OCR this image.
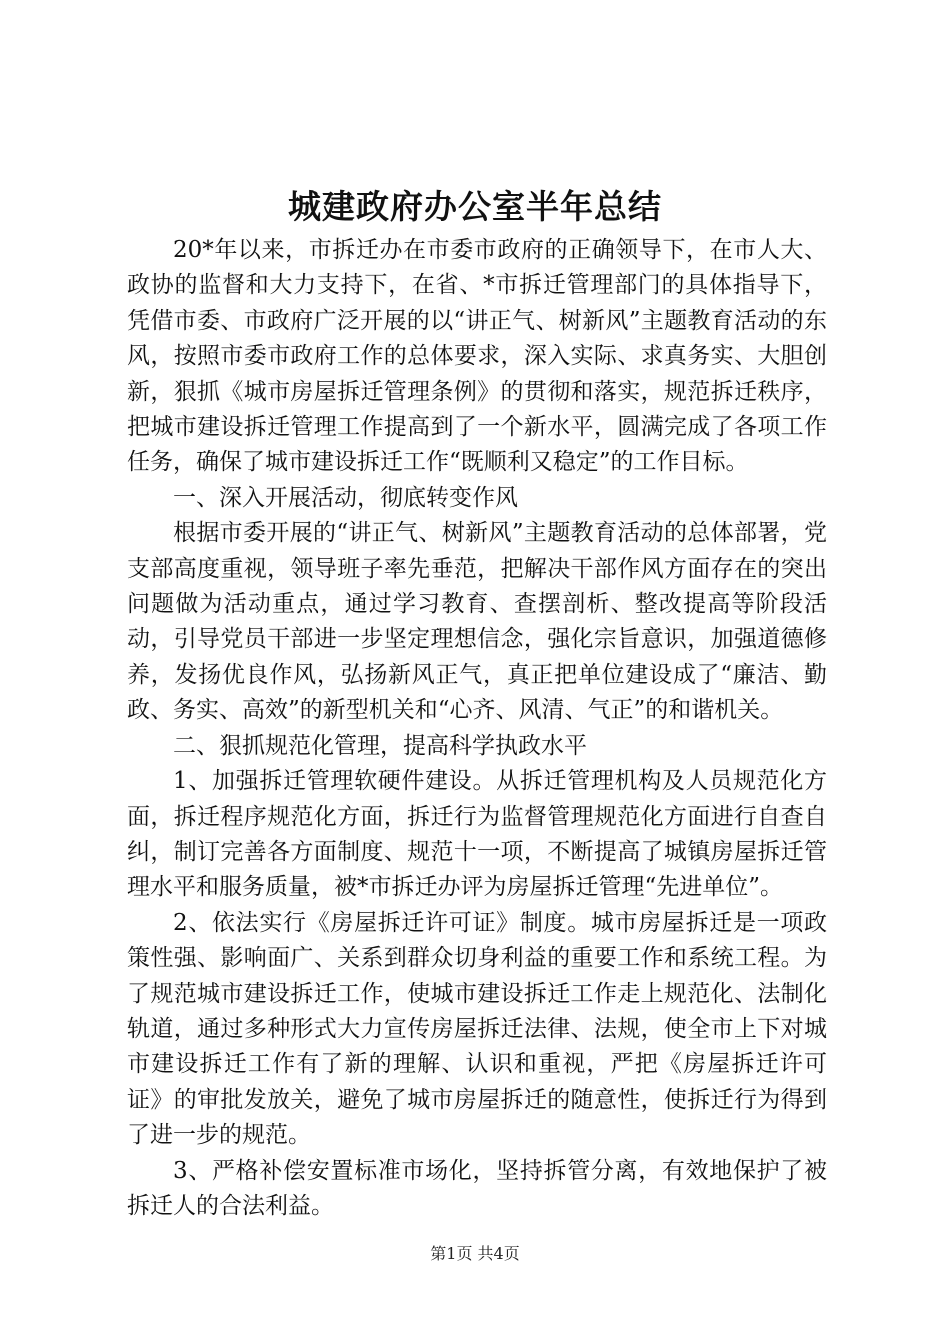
城建政府办公室半年总结

20*年以来，市拆迁办在市委市政府的正确领导下，在市人大、政协的监督和大力支持下，在省、*市拆迁管理部门的具体指导下，凭借市委、市政府广泛开展的以“讲正气、树新风”主题教育活动的东风，按照市委市政府工作的总体要求，深入实际、求真务实、大胆创新，狠抓《城市房屋拆迁管理条例》的贯彻和落实，规范拆迁秩序，把城市建设拆迁管理工作提高到了一个新水平，圆满完成了各项工作任务，确保了城市建设拆迁工作“既顺利又稳定”的工作目标。

一、深入开展活动，彻底转变作风

根据市委开展的“讲正气、树新风”主题教育活动的总体部署，党支部高度重视，领导班子率先垂范，把解决干部作风方面存在的突出问题做为活动重点，通过学习教育、查摆剖析、整改提高等阶段活动，引导党员干部进一步坚定理想信念，强化宗旨意识，加强道德修养，发扬优良作风，弘扬新风正气，真正把单位建设成了“廉洁、勤政、务实、高效”的新型机关和“心齐、风清、气正”的和谐机关。

二、狠抓规范化管理，提高科学执政水平

1、加强拆迁管理软硬件建设。从拆迁管理机构及人员规范化方面，拆迁程序规范化方面，拆迁行为监督管理规范化方面进行自查自纠，制订完善各方面制度、规范十一项，不断提高了城镇房屋拆迁管理水平和服务质量，被*市拆迁办评为房屋拆迁管理“先进单位”。

2、依法实行《房屋拆迁许可证》制度。城市房屋拆迁是一项政策性强、影响面广、关系到群众切身利益的重要工作和系统工程。为了规范城市建设拆迁工作，使城市建设拆迁工作走上规范化、法制化轨道，通过多种形式大力宣传房屋拆迁法律、法规，使全市上下对城市建设拆迁工作有了新的理解、认识和重视，严把《房屋拆迁许可证》的审批发放关，避免了城市房屋拆迁的随意性，使拆迁行为得到了进一步的规范。

3、严格补偿安置标准市场化，坚持拆管分离，有效地保护了被拆迁人的合法利益。

第1页 共4页
